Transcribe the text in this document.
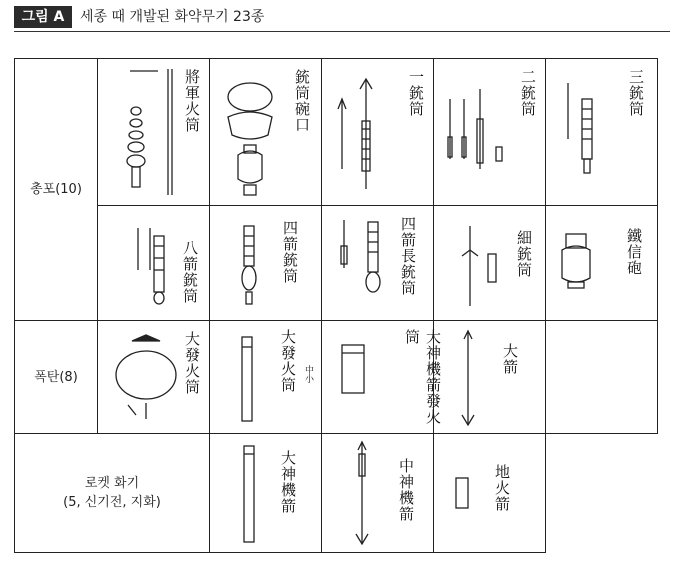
그림 A	세종 때 개발된 화약무기 23종
총포(10)	將軍火筒	銃筒碗口	一銃筒	二銃筒	三銃筒

	八箭銃筒	四箭銃筒	四箭長銃筒	細銃筒	鐵信砲

폭탄(8)	大發火筒	大發火筒 中小	大神機箭發火筒	大箭	

로켓 화기
(5, 신기전, 지화)		大神機箭	中神機箭	地火箭	
